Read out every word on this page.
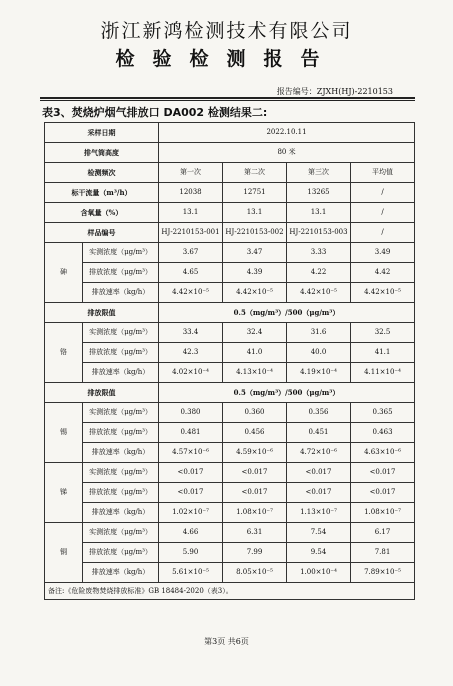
浙江新鸿检测技术有限公司
检验检测报告
报告编号：ZJXH(HJ)-2210153
表3、焚烧炉烟气排放口 DA002 检测结果二:
采样日期		2022.10.11			
排气筒高度		80 米			
检测频次		第一次	第二次	第三次	平均值
标干流量（m³/h）		12038	12751	13265	/
含氧量（%）		13.1	13.1	13.1	/
样品编号		HJ-2210153-001	HJ-2210153-002	HJ-2210153-003	/
砷	实测浓度（μg/m³）	3.67	3.47	3.33	3.49
	排放浓度（μg/m³）	4.65	4.39	4.22	4.42
	排放速率（kg/h）	4.42×10⁻⁵	4.42×10⁻⁵	4.42×10⁻⁵	4.42×10⁻⁵
排放限值		0.5（mg/m³）/500（μg/m³）			
铬	实测浓度（μg/m³）	33.4	32.4	31.6	32.5
	排放浓度（μg/m³）	42.3	41.0	40.0	41.1
	排放速率（kg/h）	4.02×10⁻⁴	4.13×10⁻⁴	4.19×10⁻⁴	4.11×10⁻⁴
排放限值		0.5（mg/m³）/500（μg/m³）			
锡	实测浓度（μg/m³）	0.380	0.360	0.356	0.365
	排放浓度（μg/m³）	0.481	0.456	0.451	0.463
	排放速率（kg/h）	4.57×10⁻⁶	4.59×10⁻⁶	4.72×10⁻⁶	4.63×10⁻⁶
锑	实测浓度（μg/m³）	<0.017	<0.017	<0.017	<0.017
	排放浓度（μg/m³）	<0.017	<0.017	<0.017	<0.017
	排放速率（kg/h）	1.02×10⁻⁷	1.08×10⁻⁷	1.13×10⁻⁷	1.08×10⁻⁷
铜	实测浓度（μg/m³）	4.66	6.31	7.54	6.17
	排放浓度（μg/m³）	5.90	7.99	9.54	7.81
	排放速率（kg/h）	5.61×10⁻⁵	8.05×10⁻⁵	1.00×10⁻⁴	7.89×10⁻⁵
备注:《危险废物焚烧排放标准》GB 18484-2020（表3）。					
第3页 共6页
